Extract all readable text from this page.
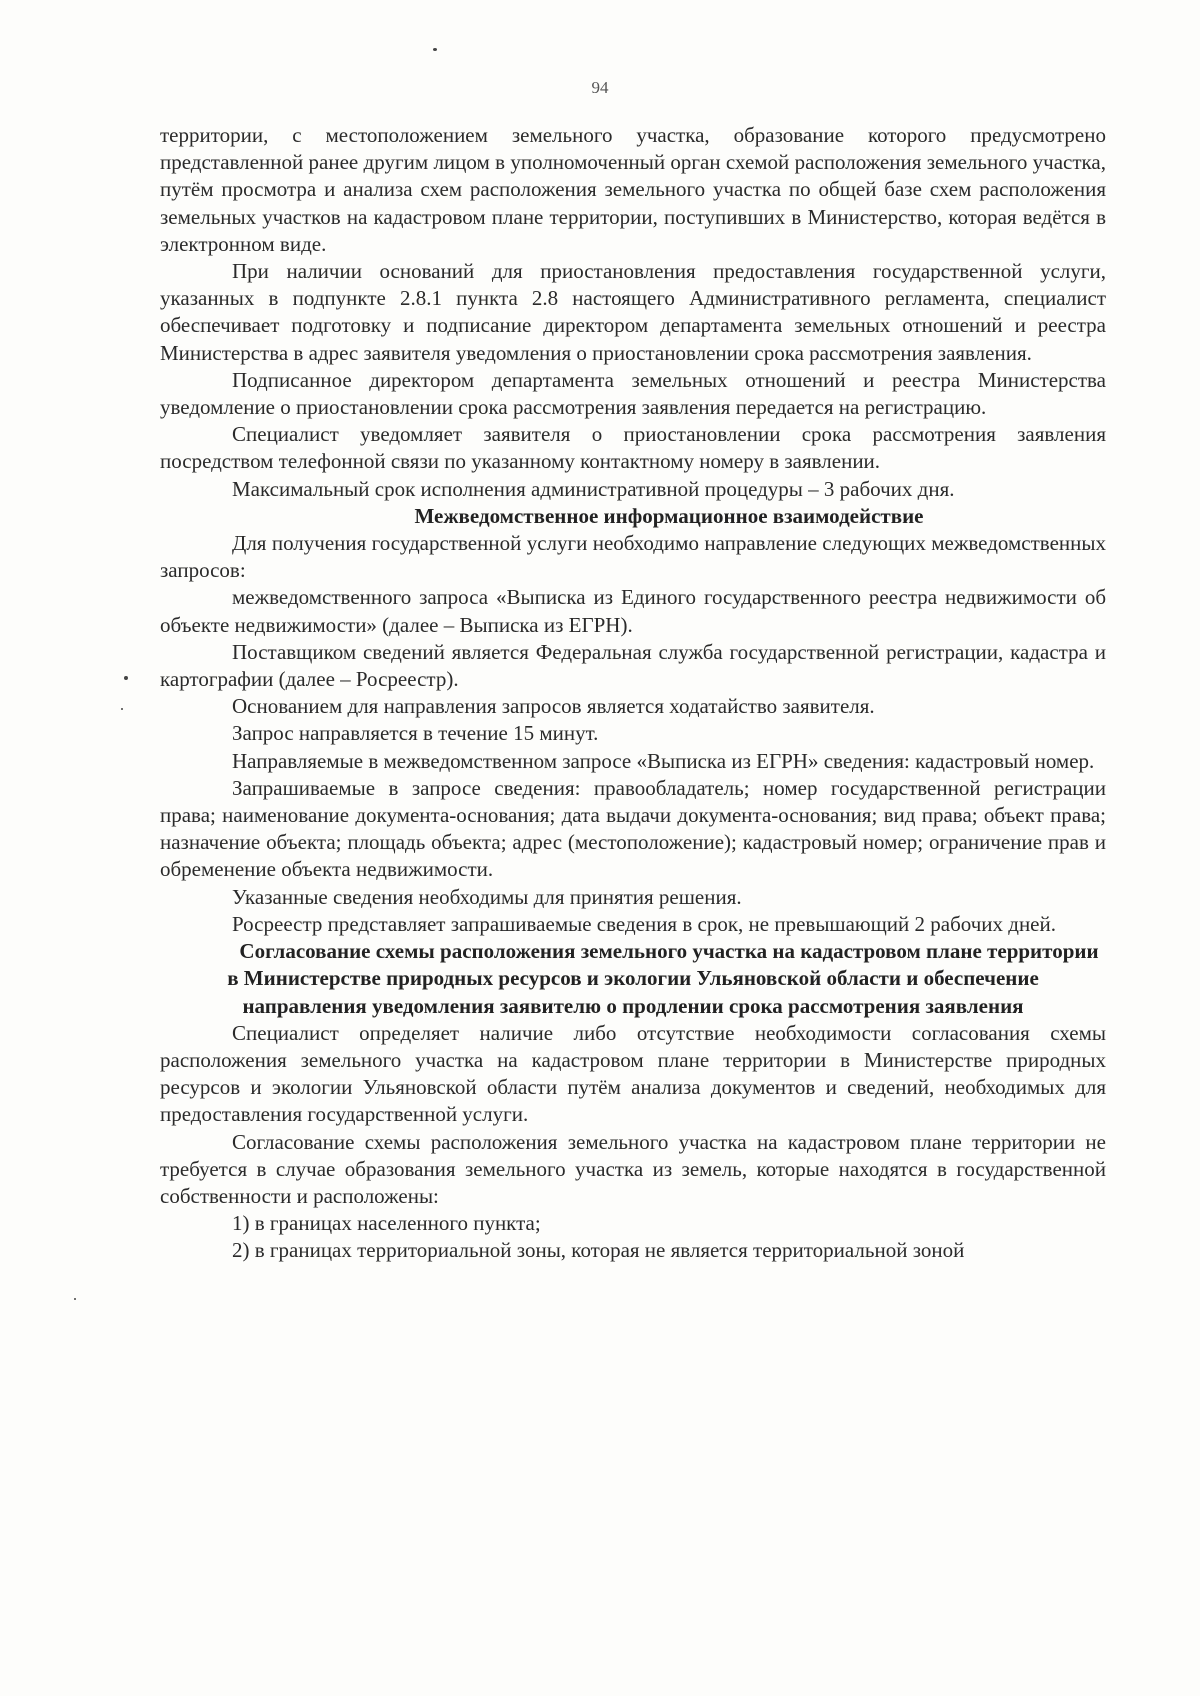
94

территории, с местоположением земельного участка, образование которого предусмотрено представленной ранее другим лицом в уполномоченный орган схемой расположения земельного участка, путём просмотра и анализа схем расположения земельного участка по общей базе схем расположения земельных участков на кадастровом плане территории, поступивших в Министерство, которая ведётся в электронном виде.

При наличии оснований для приостановления предоставления государственной услуги, указанных в подпункте 2.8.1 пункта 2.8 настоящего Административного регламента, специалист обеспечивает подготовку и подписание директором департамента земельных отношений и реестра Министерства в адрес заявителя уведомления о приостановлении срока рассмотрения заявления.

Подписанное директором департамента земельных отношений и реестра Министерства уведомление о приостановлении срока рассмотрения заявления передается на регистрацию.

Специалист уведомляет заявителя о приостановлении срока рассмотрения заявления посредством телефонной связи по указанному контактному номеру в заявлении.

Максимальный срок исполнения административной процедуры – 3 рабочих дня.

Межведомственное информационное взаимодействие

Для получения государственной услуги необходимо направление следующих межведомственных запросов:

межведомственного запроса «Выписка из Единого государственного реестра недвижимости об объекте недвижимости» (далее – Выписка из ЕГРН).

Поставщиком сведений является Федеральная служба государственной регистрации, кадастра и картографии (далее – Росреестр).

Основанием для направления запросов является ходатайство заявителя.

Запрос направляется в течение 15 минут.

Направляемые в межведомственном запросе «Выписка из ЕГРН» сведения: кадастровый номер.

Запрашиваемые в запросе сведения: правообладатель; номер государственной регистрации права; наименование документа-основания; дата выдачи документа-основания; вид права; объект права; назначение объекта; площадь объекта; адрес (местоположение); кадастровый номер; ограничение прав и обременение объекта недвижимости.

Указанные сведения необходимы для принятия решения.

Росреестр представляет запрашиваемые сведения в срок, не превышающий 2 рабочих дней.

Согласование схемы расположения земельного участка на кадастровом плане территории в Министерстве природных ресурсов и экологии Ульяновской области и обеспечение направления уведомления заявителю о продлении срока рассмотрения заявления

Специалист определяет наличие либо отсутствие необходимости согласования схемы расположения земельного участка на кадастровом плане территории в Министерстве природных ресурсов и экологии Ульяновской области путём анализа документов и сведений, необходимых для предоставления государственной услуги.

Согласование схемы расположения земельного участка на кадастровом плане территории не требуется в случае образования земельного участка из земель, которые находятся в государственной собственности и расположены:

1) в границах населенного пункта;

2) в границах территориальной зоны, которая не является территориальной зоной
